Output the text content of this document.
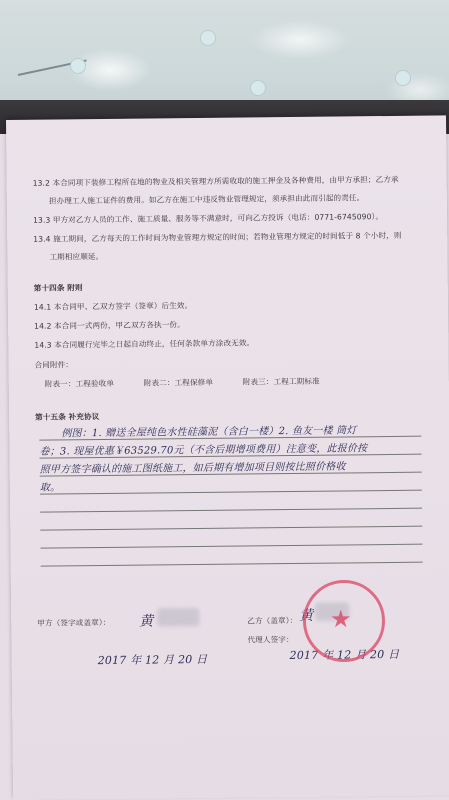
13.2 本合同项下装修工程所在地的物业及相关管理方所需收取的施工押金及各种费用，由甲方承担；乙方承
担办理工人施工证件的费用。如乙方在施工中违反物业管理规定，须承担由此而引起的责任。
13.3 甲方对乙方人员的工作、施工质量、服务等不满意时，可向乙方投诉（电话：0771-6745090）。
13.4 施工期间，乙方每天的工作时间为物业管理方规定的时间；若物业管理方规定的时间低于 8 个小时，则
工期相应顺延。
第十四条 附则
14.1 本合同甲、乙双方签字（签章）后生效。
14.2 本合同一式两份，甲乙双方各执一份。
14.3 本合同履行完毕之日起自动终止，任何条款单方涂改无效。
合同附件：
附表一：工程验收单	附表二：工程保修单	附表三：工程工期标准
第十五条 补充协议
例图：1. 赠送全屋纯色水性硅藻泥（含白一楼）2. 鱼友一楼 筒灯
卷；3. 现屋优惠￥63529.70元（不含后期增项费用）注意变，此报价按
照甲方签字确认的施工图纸施工，如后期有增加项目则按比照价格收
取。
甲方（签字或盖章）： 黄	乙方（盖章）： 黄
代理人签字：
2017 年 12 月 20 日	2017 年 12 月 20 日
★
⌒
